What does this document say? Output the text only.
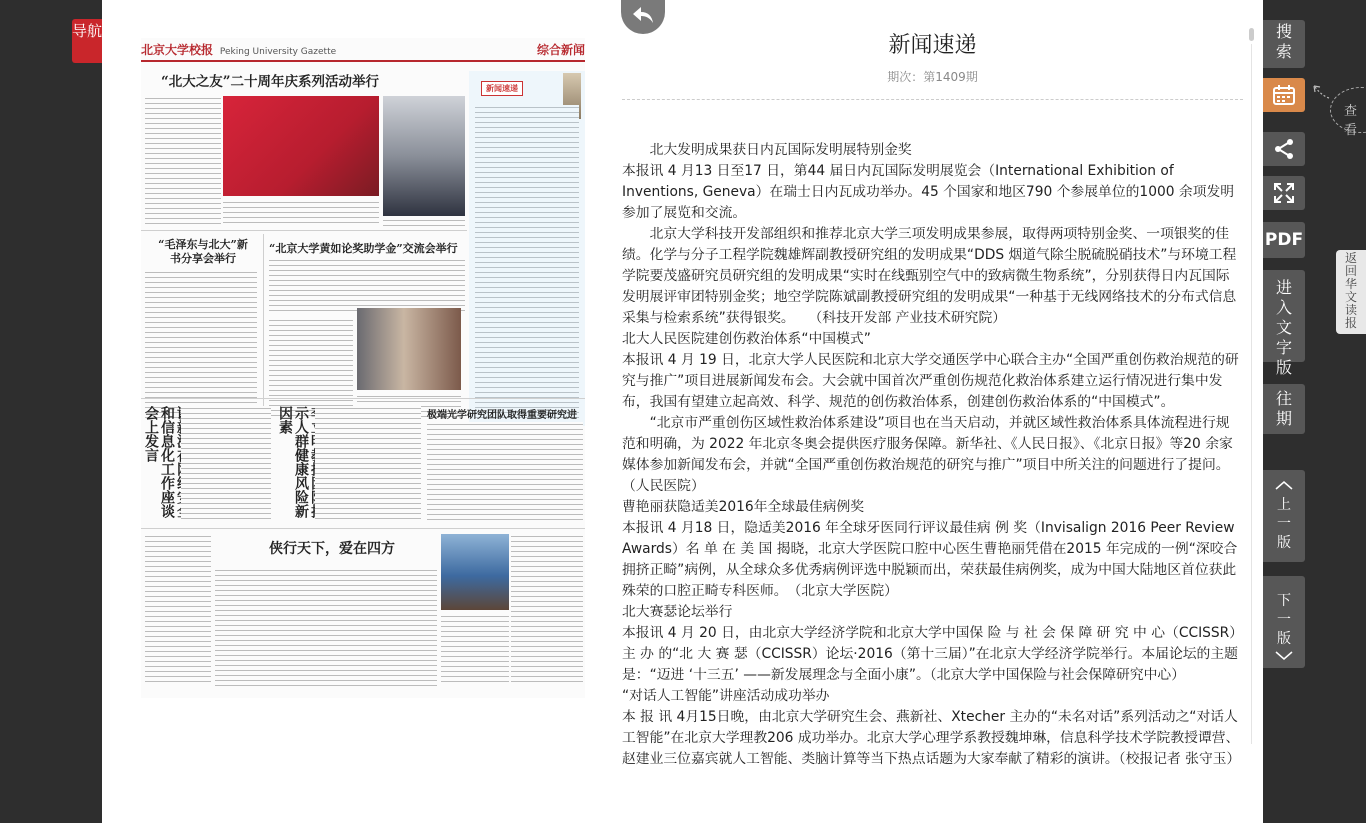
导航
北京大学校报 Peking University Gazette	综合新闻
“北大之友”二十周年庆系列活动举行	新闻速递
“毛泽东与北大”新书分享会举行
“北京大学黄如论奖助学金”交流会举行
和信息化工作座谈会上发言
示人群健康风险新因素
极端光学研究团队取得重要研究进
侠行天下，爱在四方
新闻速递
期次：第1409期

　　北大发明成果获日内瓦国际发明展特别金奖

本报讯 4 月13 日至17 日，第44 届日内瓦国际发明展览会（International Exhibition of Inventions, Geneva）在瑞士日内瓦成功举办。45 个国家和地区790 个参展单位的1000 余项发明参加了展览和交流。

　　北京大学科技开发部组织和推荐北京大学三项发明成果参展，取得两项特别金奖、一项银奖的佳绩。化学与分子工程学院魏雄辉副教授研究组的发明成果“DDS 烟道气除尘脱硫脱硝技术”与环境工程学院要茂盛研究员研究组的发明成果“实时在线甄别空气中的致病微生物系统”，分别获得日内瓦国际发明展评审团特别金奖；地空学院陈斌副教授研究组的发明成果“一种基于无线网络技术的分布式信息采集与检索系统”获得银奖。　　（科技开发部 产业技术研究院）

北大人民医院建创伤救治体系“中国模式”

本报讯 4 月 19 日，北京大学人民医院和北京大学交通医学中心联合主办“全国严重创伤救治规范的研究与推广”项目进展新闻发布会。大会就中国首次严重创伤规范化救治体系建立运行情况进行集中发布，我国有望建立起高效、科学、规范的创伤救治体系，创建创伤救治体系的“中国模式”。

　　“北京市严重创伤区域性救治体系建设”项目也在当天启动，并就区域性救治体系具体流程进行规范和明确，为 2022 年北京冬奥会提供医疗服务保障。新华社、《人民日报》、《北京日报》等20 余家媒体参加新闻发布会，并就“全国严重创伤救治规范的研究与推广”项目中所关注的问题进行了提问。　　（人民医院）

曹艳丽获隐适美2016年全球最佳病例奖

本报讯 4 月18 日，隐适美2016 年全球牙医同行评议最佳病 例 奖（Invisalign 2016 Peer Review Awards）名 单 在 美 国 揭晓，北京大学医院口腔中心医生曹艳丽凭借在2015 年完成的一例“深咬合拥挤正畸”病例，从全球众多优秀病例评选中脱颖而出，荣获最佳病例奖，成为中国大陆地区首位获此殊荣的口腔正畸专科医师。　（北京大学医院）

北大赛瑟论坛举行

本报讯 4 月 20 日，由北京大学经济学院和北京大学中国保 险 与 社 会 保 障 研 究 中 心（CCISSR）主 办 的“北 大 赛 瑟（CCISSR）论坛·2016（第十三届）”在北京大学经济学院举行。本届论坛的主题是：“迈进 ‘十三五’ ——新发展理念与全面小康”。（北京大学中国保险与社会保障研究中心）

“对话人工智能”讲座活动成功举办

本 报 讯 4月15日晚，由北京大学研究生会、燕新社、Xtecher 主办的“未名对话”系列活动之“对话人工智能”在北京大学理教206 成功举办。北京大学心理学系教授魏坤琳，信息科学技术学院教授谭营、赵建业三位嘉宾就人工智能、类脑计算等当下热点话题为大家奉献了精彩的演讲。（校报记者 张守玉）

搜索
PDF
进入文字版
往期
上一版
下一版
查看
返回华文读报
